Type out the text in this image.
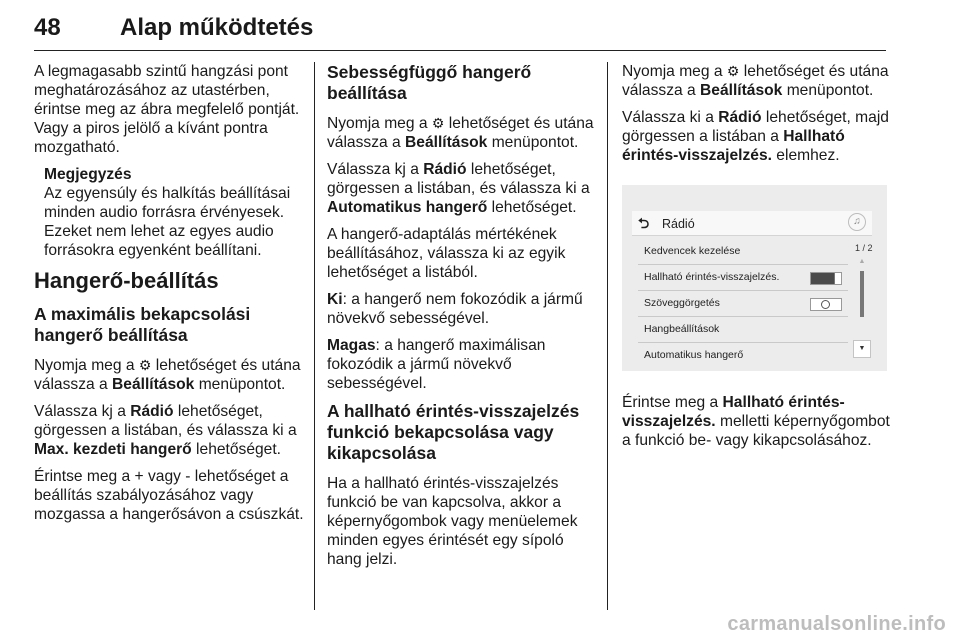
48 Alap működtetés

A legmagasabb szintű hangzási pont meghatározásához az utastérben, érintse meg az ábra megfelelő pontját. Vagy a piros jelölő a kívánt pontra mozgatható.

Megjegyzés
Az egyensúly és halkítás beállításai minden audio forrásra érvényesek. Ezeket nem lehet az egyes audio forrásokra egyenként beállítani.
Hangerő-beállítás
A maximális bekapcsolási hangerő beállítása

Nyomja meg a ⚙ lehetőséget és utána válassza a Beállítások menüpontot.

Válassza kj a Rádió lehetőséget, görgessen a listában, és válassza ki a Max. kezdeti hangerő lehetőséget.

Érintse meg a + vagy - lehetőséget a beállítás szabályozásához vagy mozgassa a hangerősávon a csúszkát.

Sebességfüggő hangerő beállítása

Nyomja meg a ⚙ lehetőséget és utána válassza a Beállítások menüpontot.

Válassza kj a Rádió lehetőséget, görgessen a listában, és válassza ki a Automatikus hangerő lehetőséget.

A hangerő-adaptálás mértékének beállításához, válassza ki az egyik lehetőséget a listából.

Ki: a hangerő nem fokozódik a jármű növekvő sebességével.

Magas: a hangerő maximálisan fokozódik a jármű növekvő sebességével.

A hallható érintés-visszajelzés funkció bekapcsolása vagy kikapcsolása

Ha a hallható érintés-visszajelzés funkció be van kapcsolva, akkor a képernyőgombok vagy menüelemek minden egyes érintését egy sípoló hang jelzi.

Nyomja meg a ⚙ lehetőséget és utána válassza a Beállítások menüpontot.

Válassza ki a Rádió lehetőséget, majd görgessen a listában a Hallható érintés-visszajelzés. elemhez.

⮌ Rádió	♫
Kedvencek kezelése
Hallható érintés-visszajelzés.
Szöveggörgetés
Hangbeállítások
Automatikus hangerő
1 / 2
▲
▼

Érintse meg a Hallható érintés-visszajelzés. melletti képernyőgombot a funkció be- vagy kikapcsolásához.

carmanualsonline.info
